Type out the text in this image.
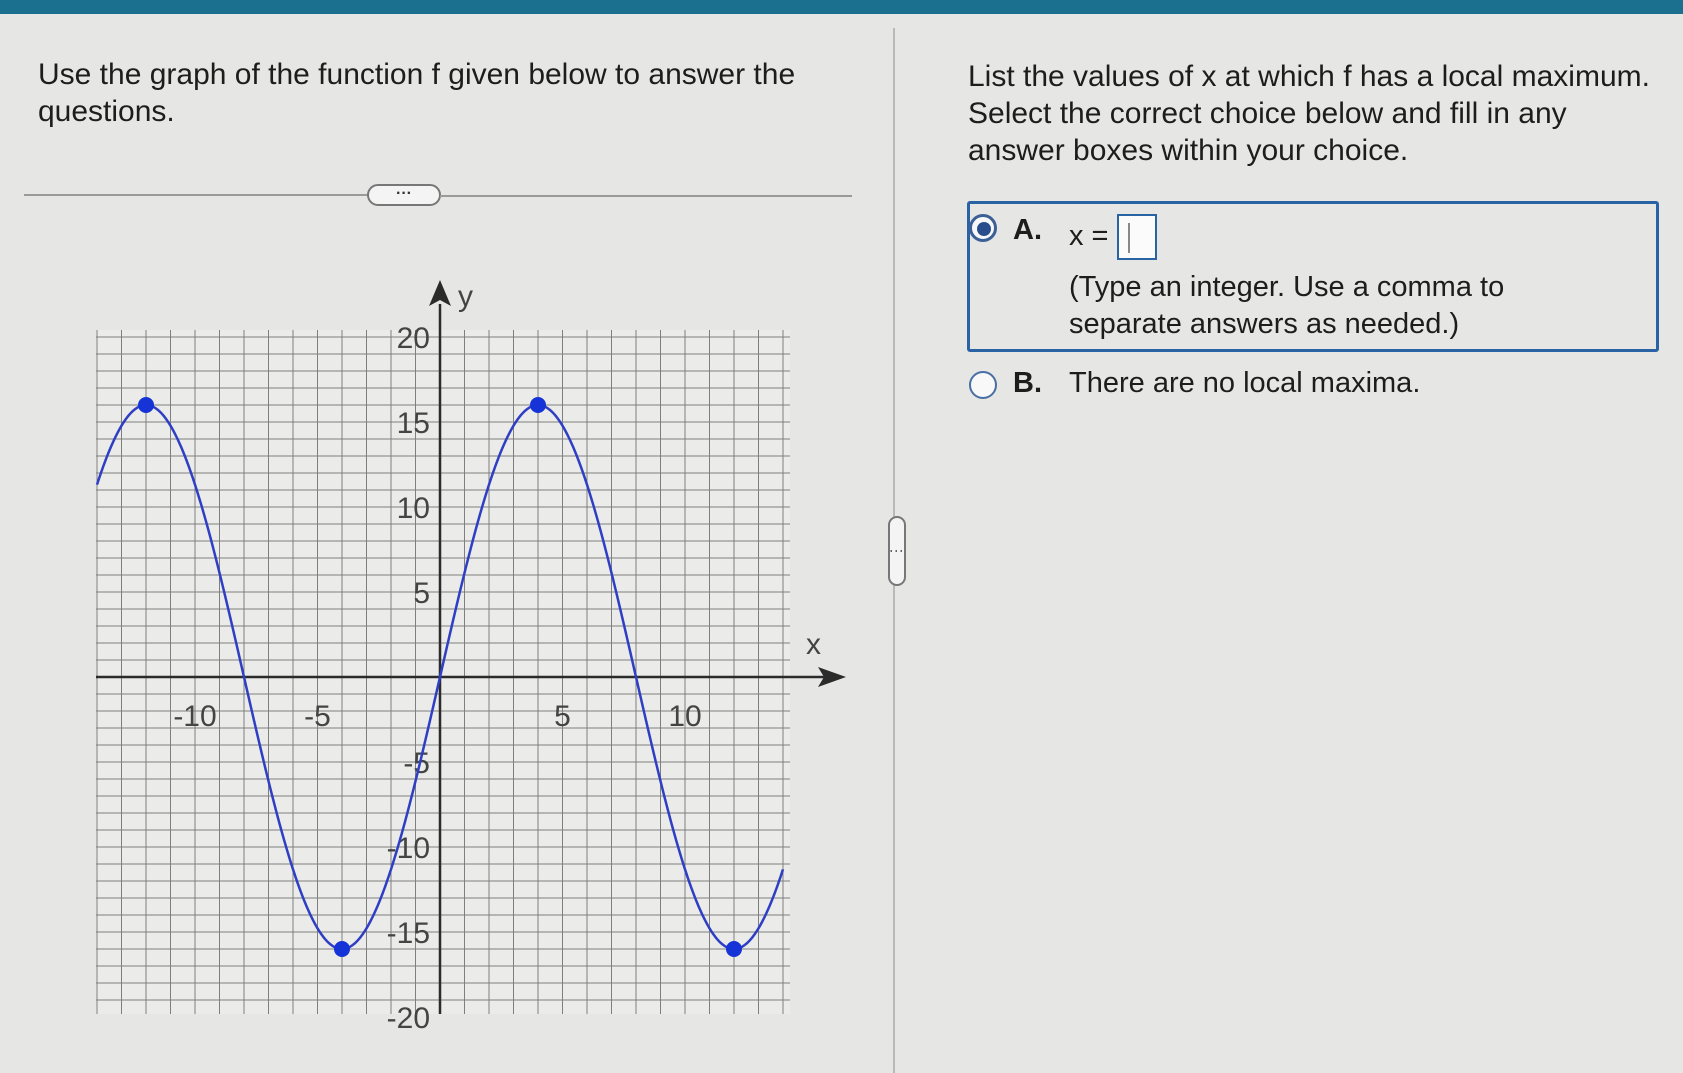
Use the graph of the function f given below to answer the questions.
···
x
y
-10	-5	5	10
20
15
10
5
-5
-10
-15
-20
⋮
List the values of x at which f has a local maximum. Select the correct choice below and fill in any answer boxes within your choice.
A. x =
(Type an integer. Use a comma to separate answers as needed.)
B. There are no local maxima.
